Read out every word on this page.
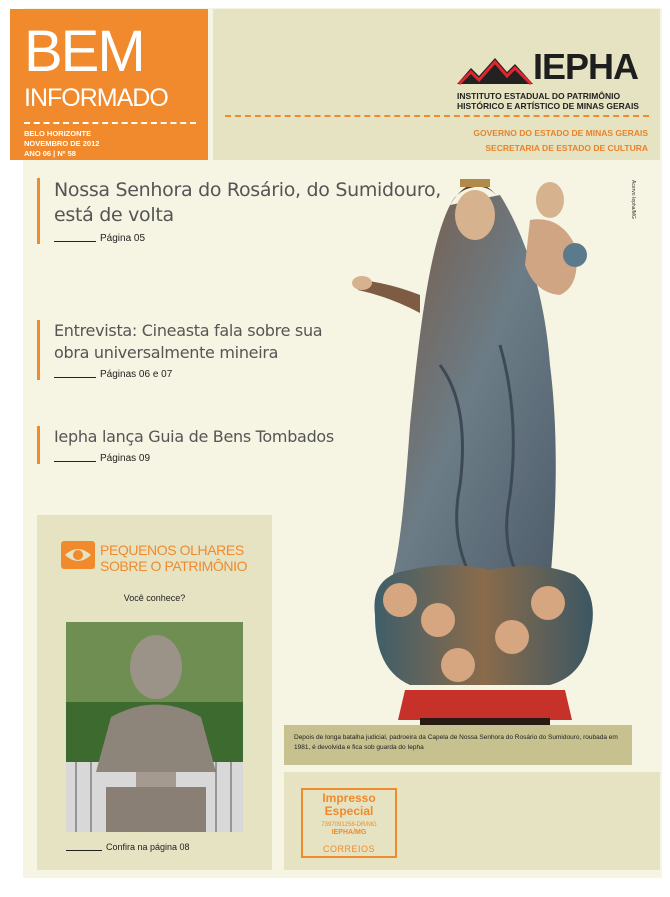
BEM
INFORMADO
BELO HORIZONTE
NOVEMBRO DE 2012
ANO 06 | Nº 58
IEPHA
INSTITUTO ESTADUAL DO PATRIMÔNIO
HISTÓRICO E ARTÍSTICO DE MINAS GERAIS
GOVERNO DO ESTADO DE MINAS GERAIS
SECRETARIA DE ESTADO DE CULTURA
Nossa Senhora do Rosário, do Sumidouro,
está de volta
Página 05
Entrevista: Cineasta fala sobre sua
obra universalmente mineira
Páginas 06 e 07
Iepha lança Guia de Bens Tombados
Páginas 09
Acervo Iepha/MG
Depois de longa batalha judicial, padroeira da Capela de Nossa Senhora do Rosário do Sumidouro, roubada em 1981, é devolvida e fica sob guarda do Iepha
PEQUENOS OLHARES
SOBRE O PATRIMÔNIO
Você conhece?
Confira na página 08
Impresso
Especial
7397091258-DR/MG
IEPHA/MG
CORREIOS
